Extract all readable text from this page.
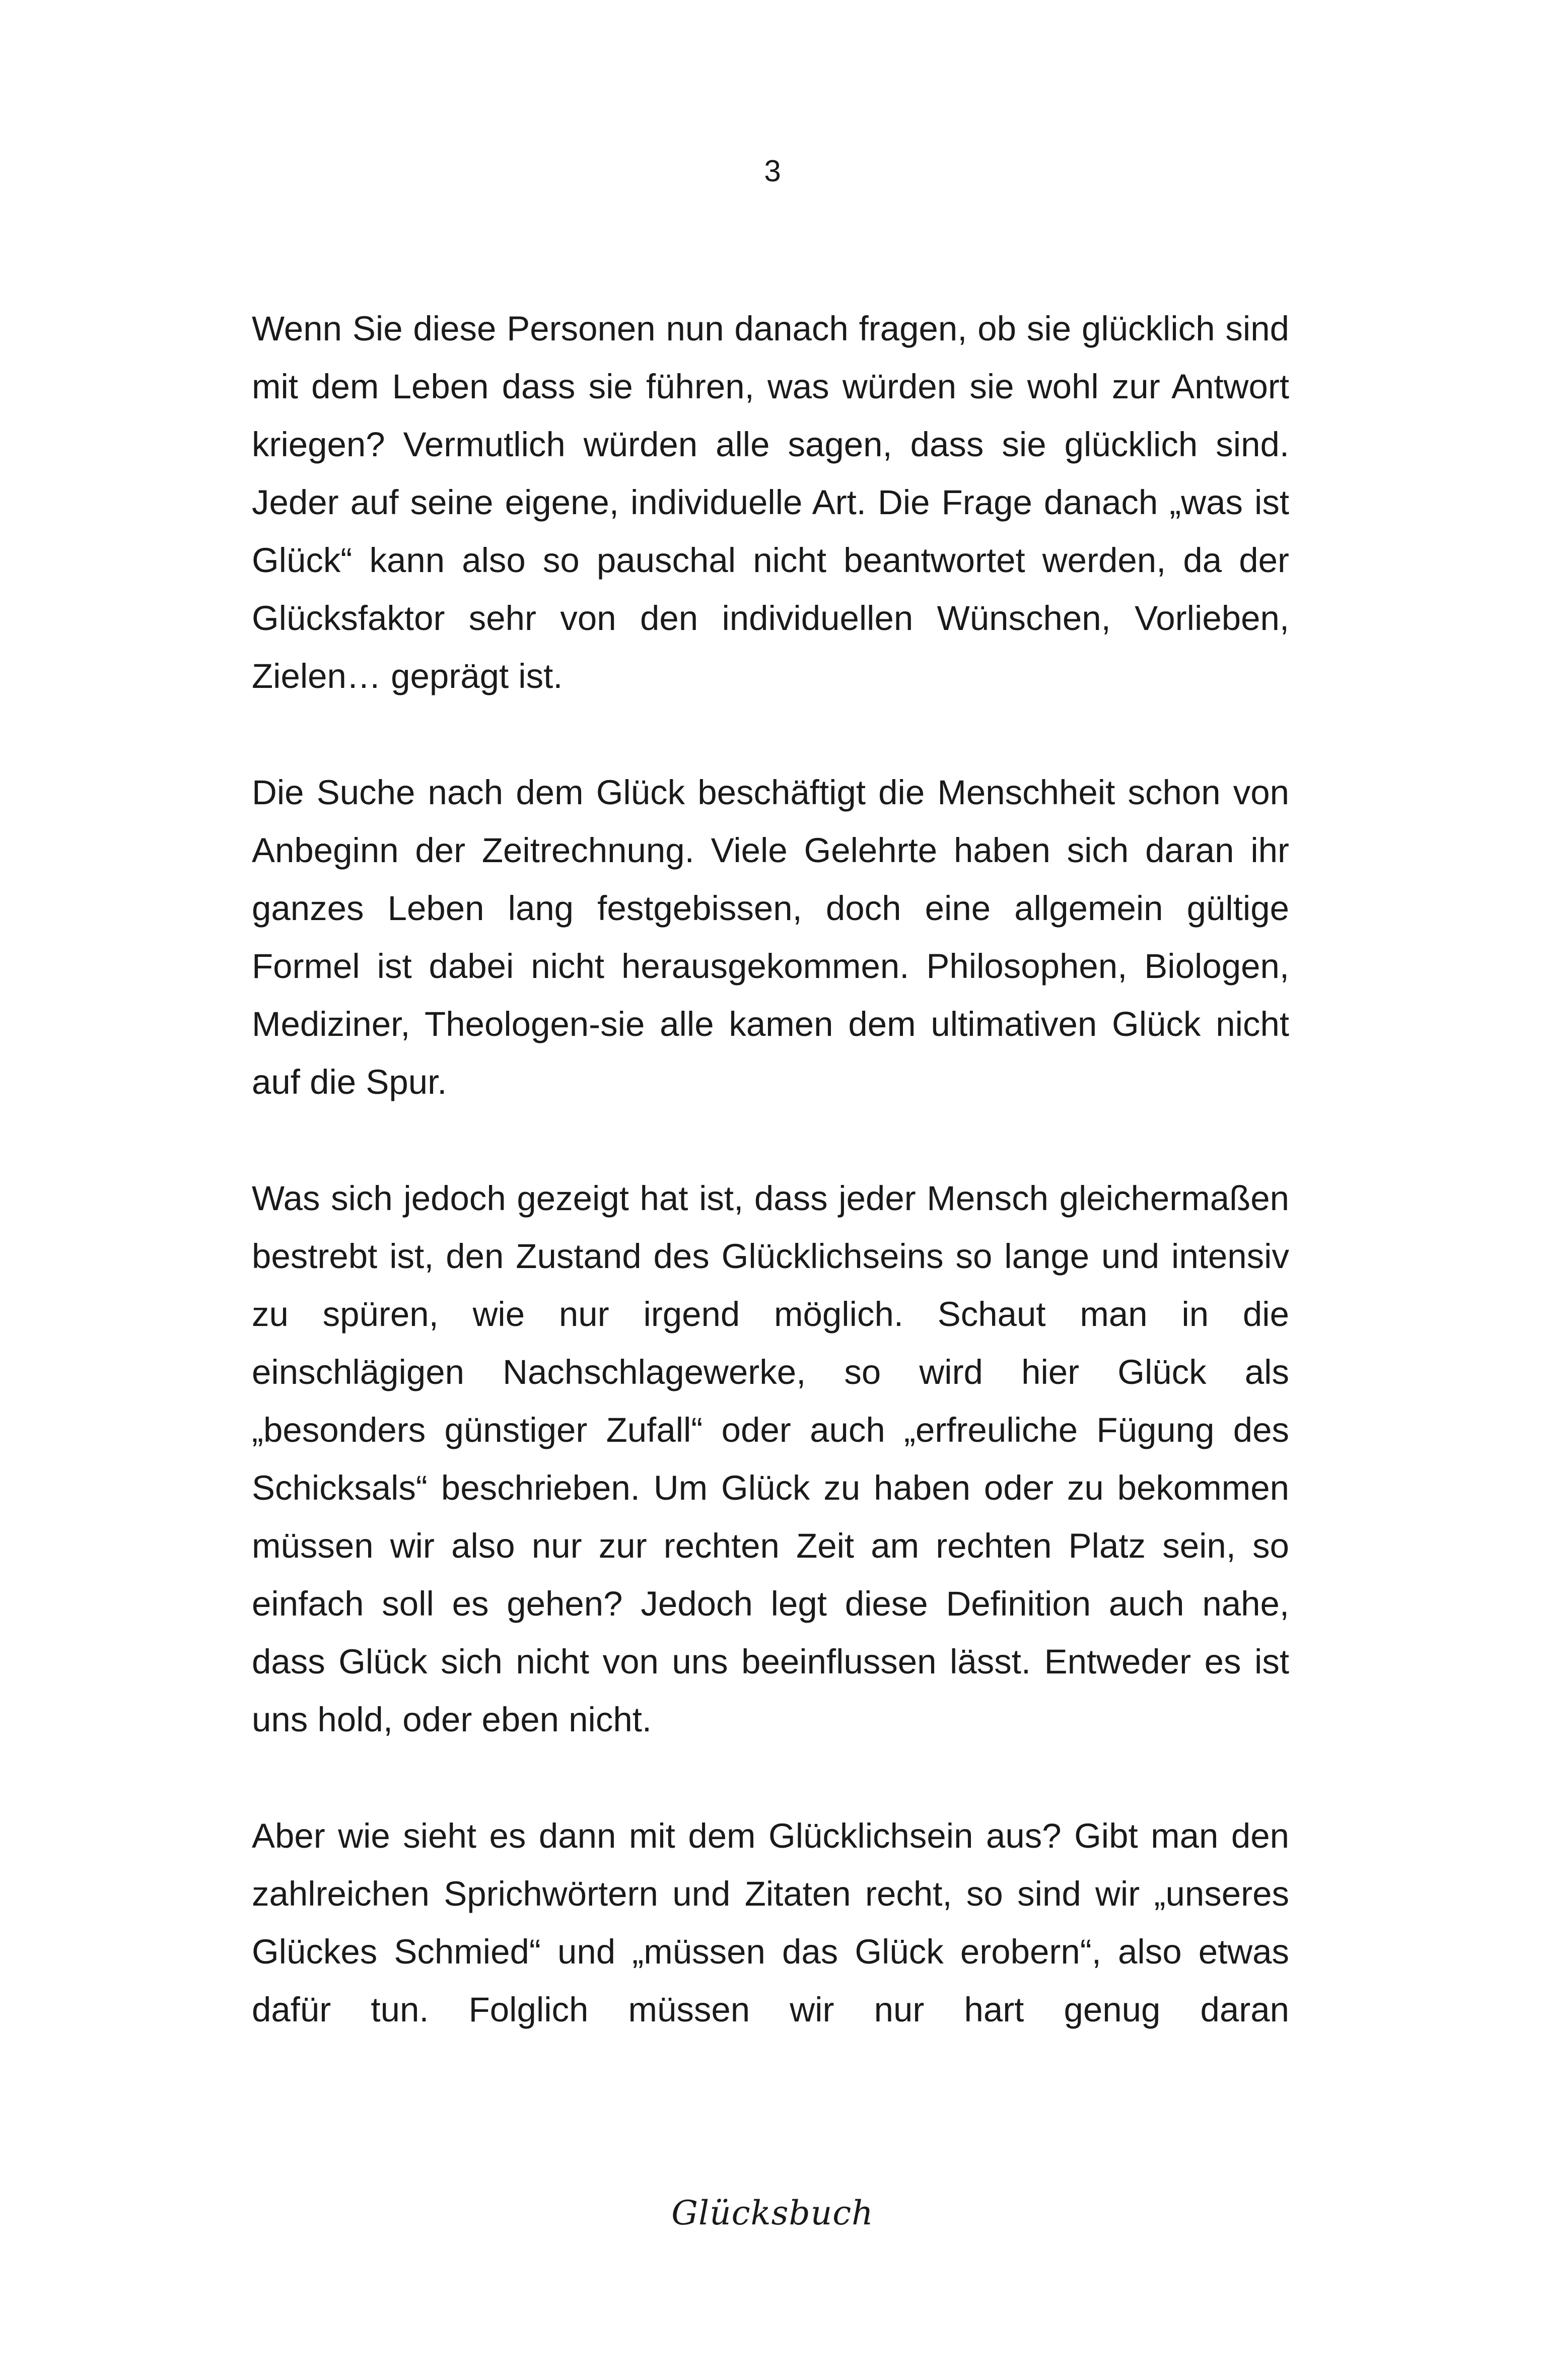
3

Wenn Sie diese Personen nun danach fragen, ob sie glücklich sind mit dem Leben dass sie führen, was würden sie wohl zur Antwort kriegen? Vermutlich würden alle sagen, dass sie glücklich sind. Jeder auf seine eigene, individuelle Art. Die Frage danach „was ist Glück“ kann also so pauschal nicht beantwortet werden, da der Glücksfaktor sehr von den individuellen Wünschen, Vorlieben, Zielen… geprägt ist.

Die Suche nach dem Glück beschäftigt die Menschheit schon von Anbeginn der Zeitrechnung. Viele Gelehrte haben sich daran ihr ganzes Leben lang festgebissen, doch eine allgemein gültige Formel ist dabei nicht herausgekommen. Philosophen, Biologen, Mediziner, Theologen-sie alle kamen dem ultimativen Glück nicht auf die Spur.

Was sich jedoch gezeigt hat ist, dass jeder Mensch gleichermaßen bestrebt ist, den Zustand des Glücklichseins so lange und intensiv zu spüren, wie nur irgend möglich. Schaut man in die einschlägigen Nachschlagewerke, so wird hier Glück als „besonders günstiger Zufall“ oder auch „erfreuliche Fügung des Schicksals“ beschrieben. Um Glück zu haben oder zu bekommen müssen wir also nur zur rechten Zeit am rechten Platz sein, so einfach soll es gehen? Jedoch legt diese Definition auch nahe, dass Glück sich nicht von uns beeinflussen lässt. Entweder es ist uns hold, oder eben nicht.

Aber wie sieht es dann mit dem Glücklichsein aus? Gibt man den zahlreichen Sprichwörtern und Zitaten recht, so sind wir „unseres Glückes Schmied“ und „müssen das Glück erobern“, also etwas dafür tun. Folglich müssen wir nur hart genug daran

Glücksbuch
